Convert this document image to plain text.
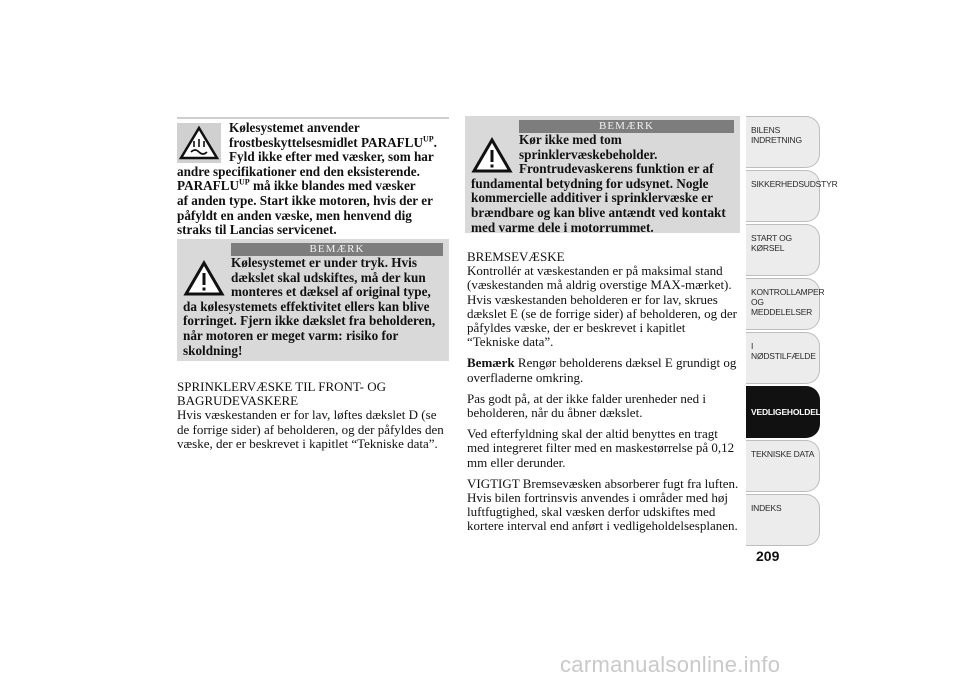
Kølesystemet anvender
frostbeskyttelsesmidlet $PARAFLU^{UP}$.
Fyld ikke efter med væsker, som har
andre specifikationer end den eksisterende.
$PARAFLU^{UP}$ må ikke blandes med væsker
af anden type. Start ikke motoren, hvis der er
påfyldt en anden væske, men henvend dig
straks til Lancias servicenet.
BEMÆRK
Kølesystemet er under tryk. Hvis dækslet skal udskiftes, må der kun monteres et dæksel af original type, da kølesystemets effektivitet ellers kan blive forringet. Fjern ikke dækslet fra beholderen, når motoren er meget varm: risiko for skoldning!
SPRINKLERVÆSKE TIL FRONT- OG BAGRUDEVASKERE

Hvis væskestanden er for lav, løftes dækslet D (se de forrige sider) af beholderen, og der påfyldes den væske, der er beskrevet i kapitlet “Tekniske data”.

BEMÆRK
Kør ikke med tom sprinklervæskebeholder. Frontrudevaskerens funktion er af fundamental betydning for udsynet. Nogle kommercielle additiver i sprinklervæske er brændbare og kan blive antændt ved kontakt med varme dele i motorrummet.
BREMSEVÆSKE

Kontrollér at væskestanden er på maksimal stand (væskestanden må aldrig overstige MAX-mærket). Hvis væskestanden beholderen er for lav, skrues dækslet E (se de forrige sider) af beholderen, og der påfyldes væske, der er beskrevet i kapitlet “Tekniske data”.

Bemærk Rengør beholderens dæksel E grundigt og overfladerne omkring.

Pas godt på, at der ikke falder urenheder ned i beholderen, når du åbner dækslet.

Ved efterfyldning skal der altid benyttes en tragt med integreret filter med en maskestørrelse på 0,12 mm eller derunder.

VIGTIGT Bremsevæsken absorberer fugt fra luften. Hvis bilen fortrinsvis anvendes i områder med høj luftfugtighed, skal væsken derfor udskiftes med kortere interval end anført i vedligeholdelsesplanen.

BILENS INDRETNING
SIKKERHEDSUDSTYR
START OG KØRSEL
KONTROLLAMPER OG MEDDELELSER
I NØDSTILFÆLDE
VEDLIGEHOLDELSE
TEKNISKE DATA
INDEKS
209
carmanualsonline.info
